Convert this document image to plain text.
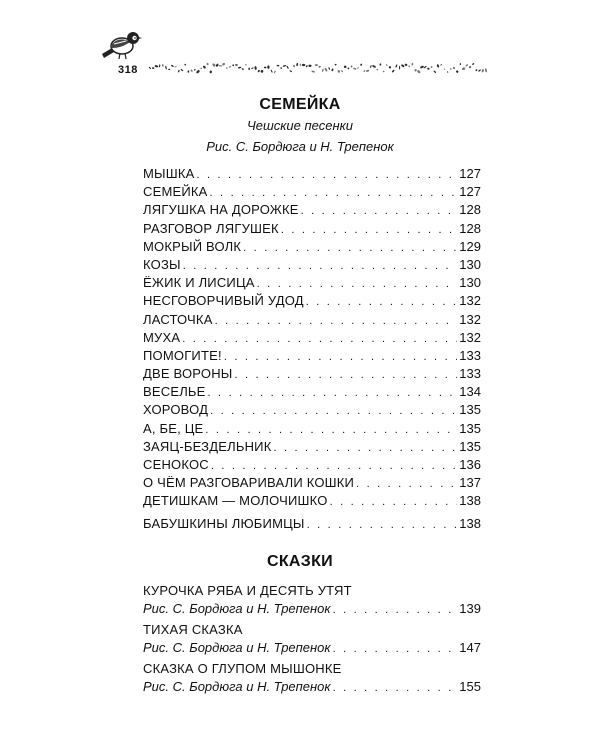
318
СЕМЕЙКА
Чешские песенки
Рис. С. Бордюга и Н. Трепенок
МЫШКА . . .	127
СЕМЕЙКА . . .	127
ЛЯГУШКА НА ДОРОЖКЕ . . .	128
РАЗГОВОР ЛЯГУШЕК . . .	128
МОКРЫЙ ВОЛК . . .	129
КОЗЫ . . .	130
ЁЖИК И ЛИСИЦА . . .	130
НЕСГОВОРЧИВЫЙ УДОД . . .	132
ЛАСТОЧКА . . .	132
МУХА . . .	132
ПОМОГИТЕ! . . .	133
ДВЕ ВОРОНЫ . . .	133
ВЕСЕЛЬЕ . . .	134
ХОРОВОД . . .	135
А, БЕ, ЦЕ . . .	135
ЗАЯЦ-БЕЗДЕЛЬНИК . . .	135
СЕНОКОС . . .	136
О ЧЁМ РАЗГОВАРИВАЛИ КОШКИ . . .	137
ДЕТИШКАМ — МОЛОЧИШКО . . .	138
БАБУШКИНЫ ЛЮБИМЦЫ . . .	138
СКАЗКИ
КУРОЧКА РЯБА И ДЕСЯТЬ УТЯТ
Рис. С. Бордюга и Н. Трепенок . . .	139
ТИХАЯ СКАЗКА
Рис. С. Бордюга и Н. Трепенок . . .	147
СКАЗКА О ГЛУПОМ МЫШОНКЕ
Рис. С. Бордюга и Н. Трепенок . . .	155
